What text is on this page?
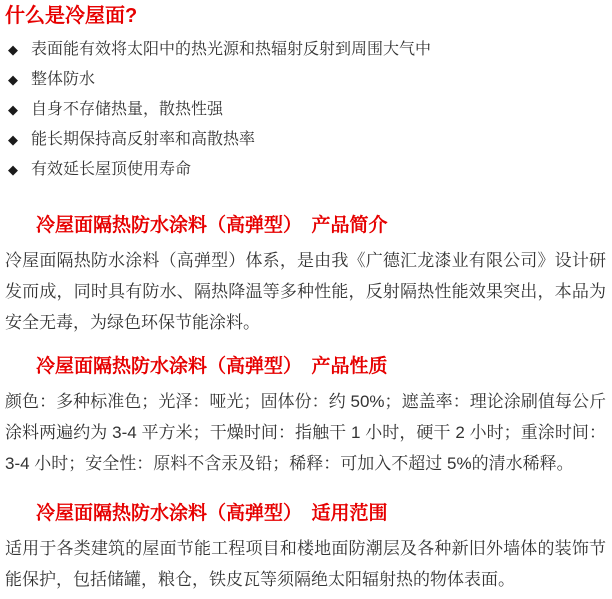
什么是冷屋面?
◆ 表面能有效将太阳中的热光源和热辐射反射到周围大气中
◆ 整体防水
◆ 自身不存储热量，散热性强
◆ 能长期保持高反射率和高散热率
◆ 有效延长屋顶使用寿命
冷屋面隔热防水涂料（高弹型）　产品简介

冷屋面隔热防水涂料（高弹型）体系，是由我《广德汇龙漆业有限公司》设计研发而成，同时具有防水、隔热降温等多种性能，反射隔热性能效果突出，本品为安全无毒，为绿色环保节能涂料。

冷屋面隔热防水涂料（高弹型）　产品性质

颜色：多种标准色；光泽：哑光；固体份：约 50%；遮盖率：理论涂刷值每公斤涂料两遍约为 3-4 平方米；干燥时间：指触干 1 小时，硬干 2 小时；重涂时间：3-4 小时；安全性：原料不含汞及铅；稀释：可加入不超过 5%的清水稀释。

冷屋面隔热防水涂料（高弹型）　适用范围

适用于各类建筑的屋面节能工程项目和楼地面防潮层及各种新旧外墙体的装饰节能保护，包括储罐，粮仓，铁皮瓦等须隔绝太阳辐射热的物体表面。
